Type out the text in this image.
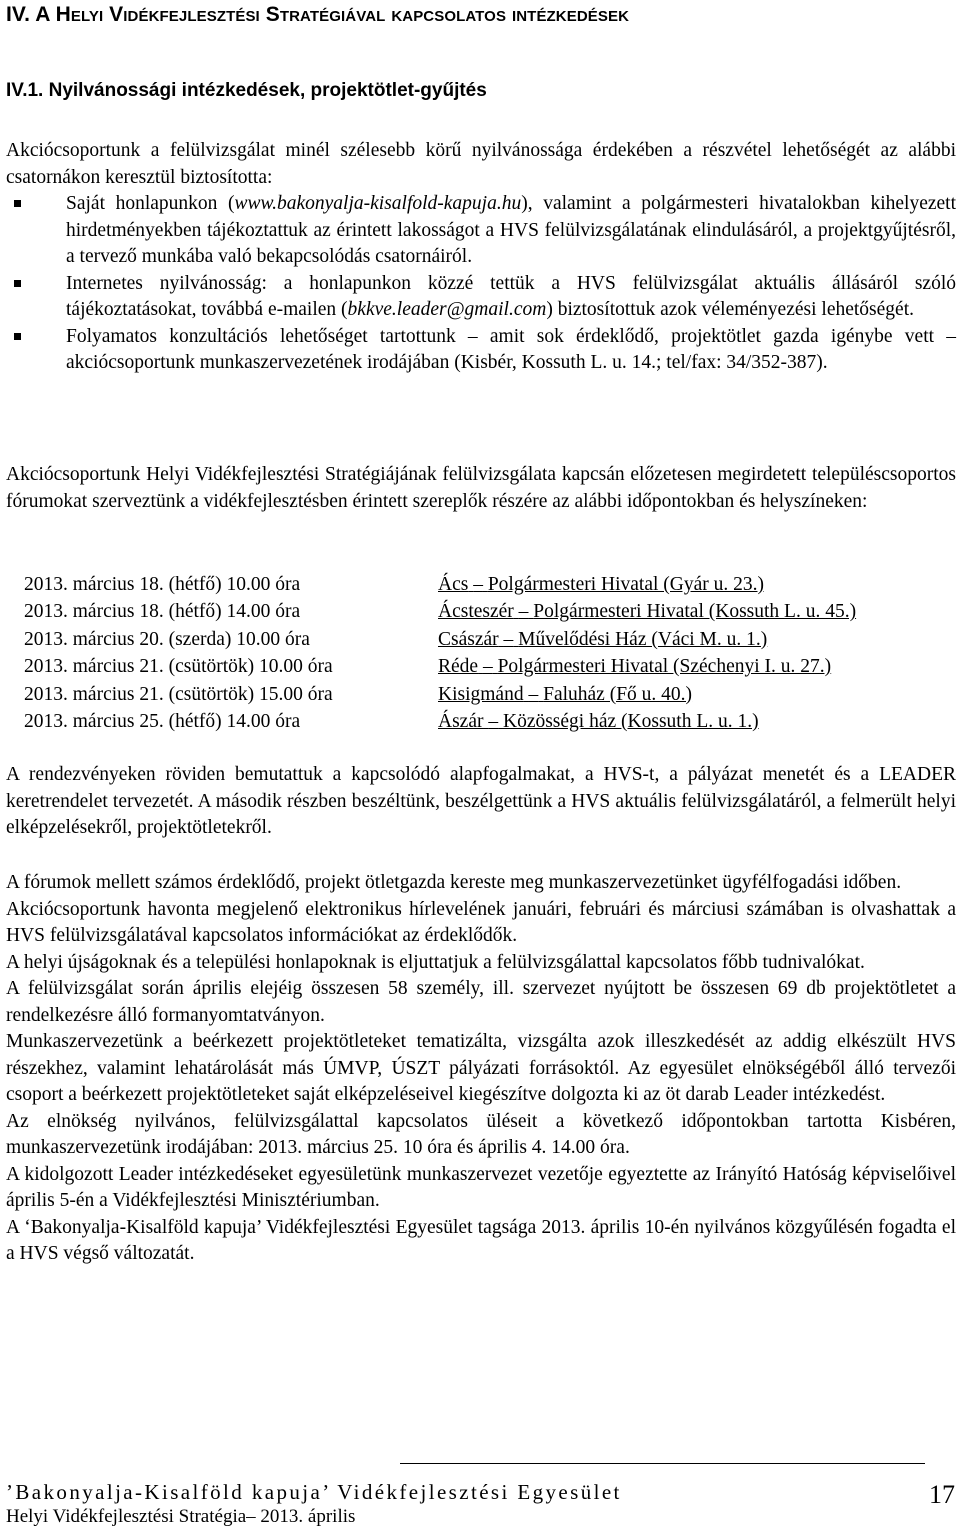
IV. A Helyi Vidékfejlesztési Stratégiával kapcsolatos intézkedések
IV.1. Nyilvánossági intézkedések, projektötlet-gyűjtés
Akciócsoportunk a felülvizsgálat minél szélesebb körű nyilvánossága érdekében a részvétel lehetőségét az alábbi csatornákon keresztül biztosította:
Saját honlapunkon (www.bakonyalja-kisalfold-kapuja.hu), valamint a polgármesteri hivatalokban kihelyezett hirdetményekben tájékoztattuk az érintett lakosságot a HVS felülvizsgálatának elindulásáról, a projektgyűjtésről, a tervező munkába való bekapcsolódás csatornáiról.
Internetes nyilvánosság: a honlapunkon közzé tettük a HVS felülvizsgálat aktuális állásáról szóló tájékoztatásokat, továbbá e-mailen (bkkve.leader@gmail.com) biztosítottuk azok véleményezési lehetőségét.
Folyamatos konzultációs lehetőséget tartottunk – amit sok érdeklődő, projektötlet gazda igénybe vett – akciócsoportunk munkaszervezetének irodájában (Kisbér, Kossuth L. u. 14.; tel/fax: 34/352-387).
Akciócsoportunk Helyi Vidékfejlesztési Stratégiájának felülvizsgálata kapcsán előzetesen megirdetett településcsoportos fórumokat szerveztünk a vidékfejlesztésben érintett szereplők részére az alábbi időpontokban és helyszíneken:
2013. március 18. (hétfő) 10.00 óra	Ács – Polgármesteri Hivatal (Gyár u. 23.)
2013. március 18. (hétfő) 14.00 óra	Ácsteszér – Polgármesteri Hivatal (Kossuth L. u. 45.)
2013. március 20. (szerda) 10.00 óra	Császár – Művelődési Ház (Váci M. u. 1.)
2013. március 21. (csütörtök) 10.00 óra	Réde – Polgármesteri Hivatal (Széchenyi I. u. 27.)
2013. március 21. (csütörtök) 15.00 óra	Kisigmánd – Faluház (Fő u. 40.)
2013. március 25. (hétfő) 14.00 óra	Ászár – Közösségi ház (Kossuth L. u. 1.)
A rendezvényeken röviden bemutattuk a kapcsolódó alapfogalmakat, a HVS-t, a pályázat menetét és a LEADER keretrendelet tervezetét. A második részben beszéltünk, beszélgettünk a HVS aktuális felülvizsgálatáról, a felmerült helyi elképzelésekről, projektötletekről.

A fórumok mellett számos érdeklődő, projekt ötletgazda kereste meg munkaszervezetünket ügyfélfogadási időben.

Akciócsoportunk havonta megjelenő elektronikus hírlevelének januári, februári és márciusi számában is olvashattak a HVS felülvizsgálatával kapcsolatos információkat az érdeklődők.

A helyi újságoknak és a települési honlapoknak is eljuttatjuk a felülvizsgálattal kapcsolatos főbb tudnivalókat.

A felülvizsgálat során április elejéig összesen 58 személy, ill. szervezet nyújtott be összesen 69 db projektötletet a rendelkezésre álló formanyomtatványon.

Munkaszervezetünk a beérkezett projektötleteket tematizálta, vizsgálta azok illeszkedését az addig elkészült HVS részekhez, valamint lehatárolását más ÚMVP, ÚSZT pályázati forrásoktól. Az egyesület elnökségéből álló tervezői csoport a beérkezett projektötleteket saját elképzeléseivel kiegészítve dolgozta ki az öt darab Leader intézkedést.

Az elnökség nyilvános, felülvizsgálattal kapcsolatos üléseit a következő időpontokban tartotta Kisbéren, munkaszervezetünk irodájában: 2013. március 25. 10 óra és április 4. 14.00 óra.

A kidolgozott Leader intézkedéseket egyesületünk munkaszervezet vezetője egyeztette az Irányító Hatóság képviselőivel április 5-én a Vidékfejlesztési Minisztériumban.

A ‘Bakonyalja-Kisalföld kapuja’ Vidékfejlesztési Egyesület tagsága 2013. április 10-én nyilvános közgyűlésén fogadta el a HVS végső változatát.

’Bakonyalja-Kisalföld kapuja’ Vidékfejlesztési Egyesület
Helyi Vidékfejlesztési Stratégia– 2013. április
17
